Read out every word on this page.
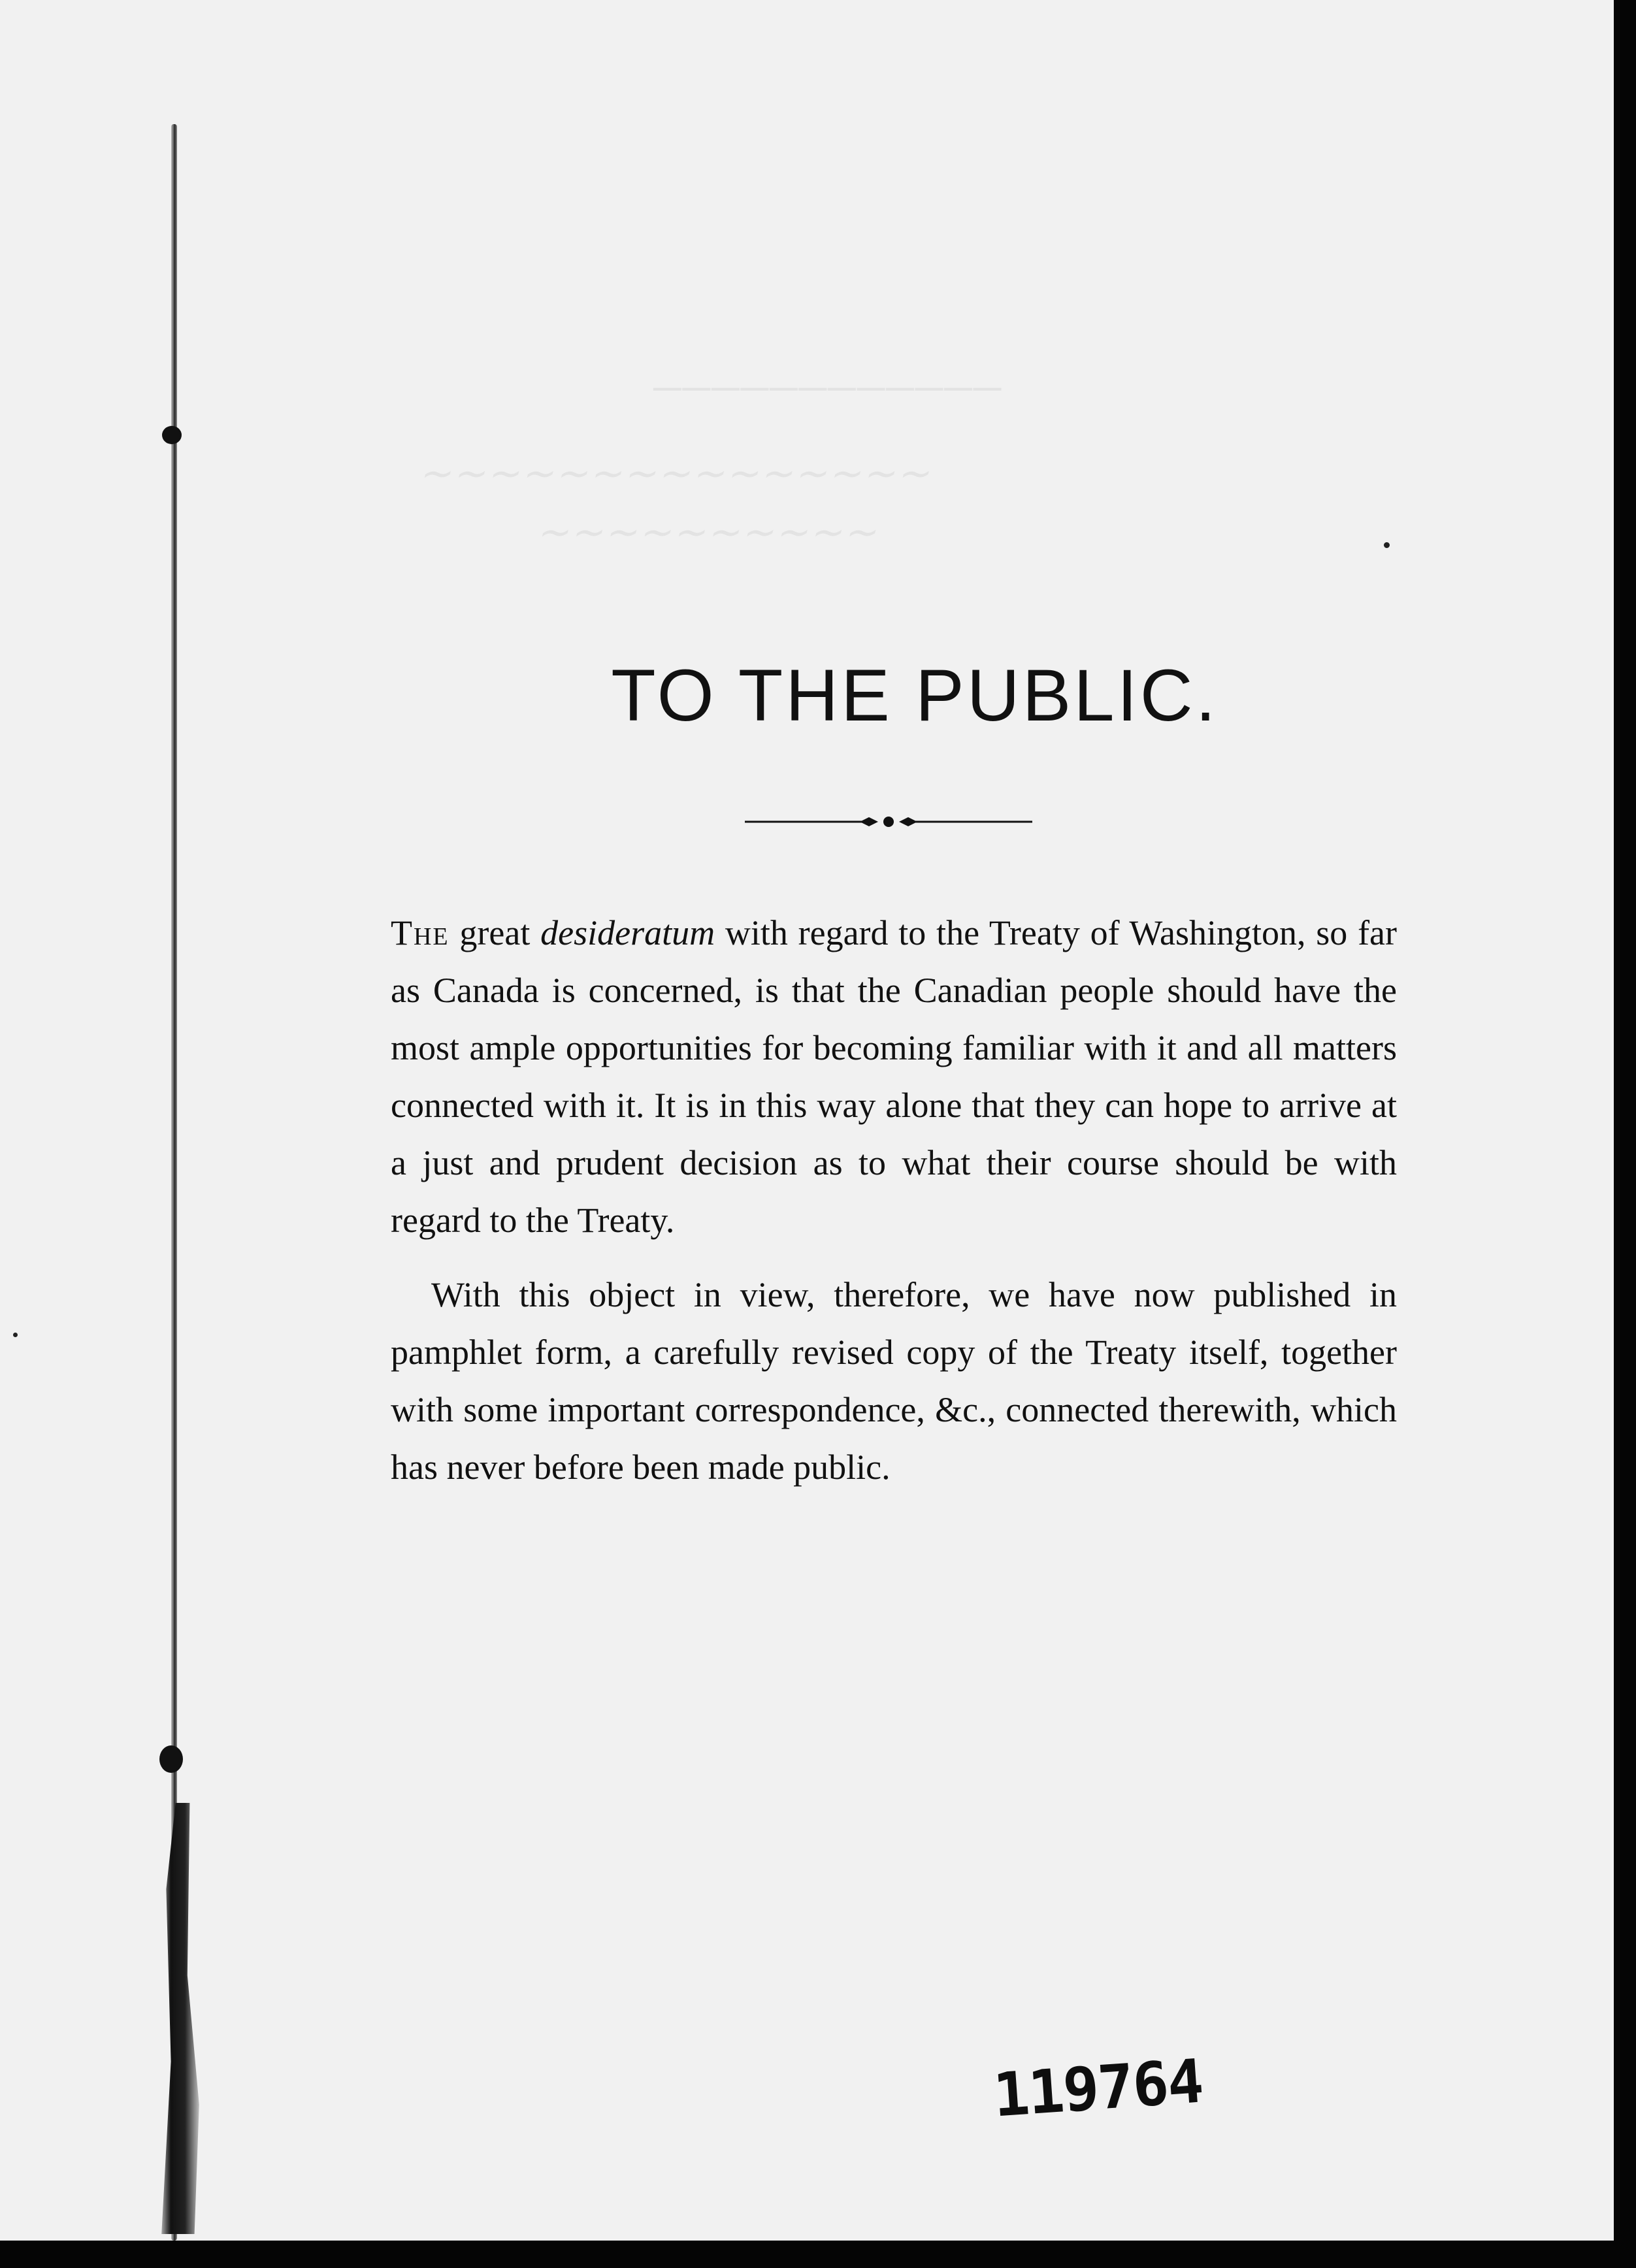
────────────
∼∼∼∼∼∼∼∼∼∼∼∼∼∼∼
∼∼∼∼∼∼∼∼∼∼
TO THE PUBLIC.

The great desideratum with regard to the Treaty of Washington, so far as Canada is concerned, is that the Canadian people should have the most ample opportunities for becoming familiar with it and all matters connected with it. It is in this way alone that they can hope to arrive at a just and prudent decision as to what their course should be with regard to the Treaty.

With this object in view, therefore, we have now published in pamphlet form, a carefully revised copy of the Treaty itself, together with some important correspondence, &c., connected therewith, which has never before been made public.

119764
